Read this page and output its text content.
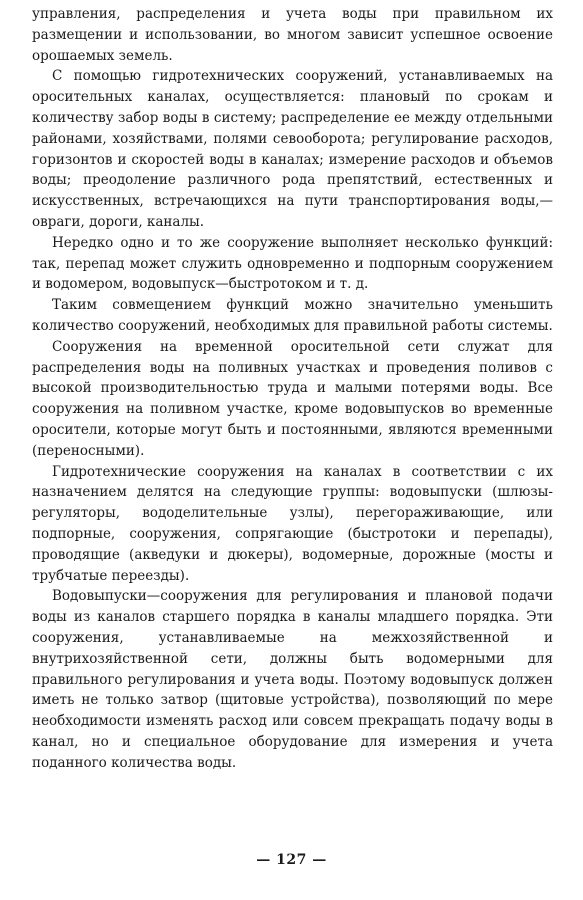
управления, распределения и учета воды при правильном их размещении и использовании, во многом зависит успешное освоение орошаемых земель.

С помощью гидротехнических сооружений, устанавливаемых на оросительных каналах, осуществляется: плановый по срокам и количеству забор воды в систему; распределение ее между отдельными районами, хозяйствами, полями севооборота; регулирование расходов, горизонтов и скоростей воды в каналах; измерение расходов и объемов воды; преодоление различного рода препятствий, естественных и искусственных, встречающихся на пути транспортирования воды,—овраги, дороги, каналы.

Нередко одно и то же сооружение выполняет несколько функций: так, перепад может служить одновременно и подпорным сооружением и водомером, водовыпуск—быстротоком и т. д.

Таким совмещением функций можно значительно уменьшить количество сооружений, необходимых для правильной работы системы.

Сооружения на временной оросительной сети служат для распределения воды на поливных участках и проведения поливов с высокой производительностью труда и малыми потерями воды. Все сооружения на поливном участке, кроме водовыпусков во временные оросители, которые могут быть и постоянными, являются временными (переносными).

Гидротехнические сооружения на каналах в соответствии с их назначением делятся на следующие группы: водовыпуски (шлюзы-регуляторы, вододелительные узлы), перегораживающие, или подпорные, сооружения, сопрягающие (быстротоки и перепады), проводящие (акведуки и дюкеры), водомерные, дорожные (мосты и трубчатые переезды).

Водовыпуски—сооружения для регулирования и плановой подачи воды из каналов старшего порядка в каналы младшего порядка. Эти сооружения, устанавливаемые на межхозяйственной и внутрихозяйственной сети, должны быть водомерными для правильного регулирования и учета воды. Поэтому водовыпуск должен иметь не только затвор (щитовые устройства), позволяющий по мере необходимости изменять расход или совсем прекращать подачу воды в канал, но и специальное оборудование для измерения и учета поданного количества воды.

— 127 —
